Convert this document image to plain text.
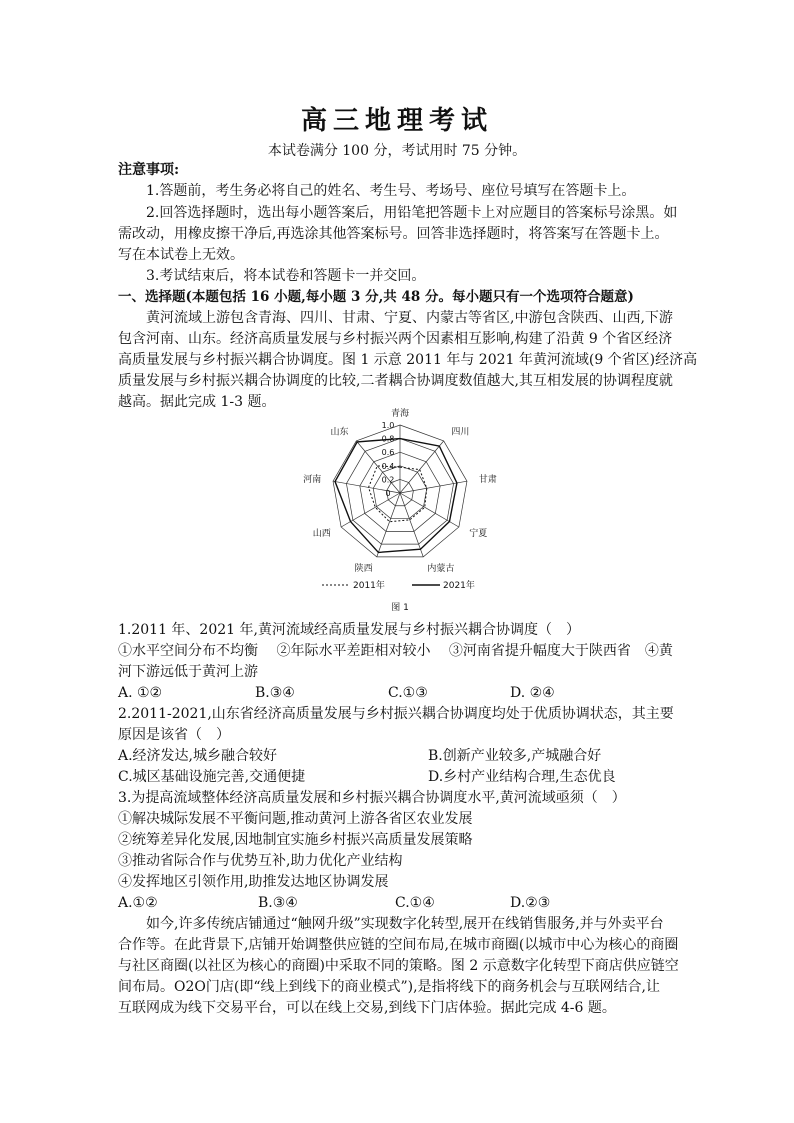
高三地理考试
本试卷满分 100 分，考试用时 75 分钟。
注意事项:
1.答题前，考生务必将自己的姓名、考生号、考场号、座位号填写在答题卡上。
2.回答选择题时，选出每小题答案后，用铅笔把答题卡上对应题目的答案标号涂黑。如
需改动，用橡皮擦干净后,再选涂其他答案标号。回答非选择题时，将答案写在答题卡上。
写在本试卷上无效。
3.考试结束后，将本试卷和答题卡一并交回。
一、选择题(本题包括 16 小题,每小题 3 分,共 48 分。每小题只有一个选项符合题意)
黄河流域上游包含青海、四川、甘肃、宁夏、内蒙古等省区,中游包含陕西、山西,下游
包含河南、山东。经济高质量发展与乡村振兴两个因素相互影响,构建了沿黄 9 个省区经济
高质量发展与乡村振兴耦合协调度。图 1 示意 2011 年与 2021 年黄河流域(9 个省区)经济高
质量发展与乡村振兴耦合协调度的比较,二者耦合协调度数值越大,其互相发展的协调程度就
越高。据此完成 1-3 题。
0
0.2
0.4
0.6
0.8
1.0
青海
四川
甘肃
宁夏
内蒙古
陕西
山西
河南
山东
2011年	2021年
图 1
1.2011 年、2021 年,黄河流域经高质量发展与乡村振兴耦合协调度（　）
①水平空间分布不均衡　 ②年际水平差距相对较小　 ③河南省提升幅度大于陕西省　④黄
河下游远低于黄河上游
A. ①②	B.③④	C.①③	D. ②④
2.2011-2021,山东省经济高质量发展与乡村振兴耦合协调度均处于优质协调状态，其主要
原因是该省（　）
A.经济发达,城乡融合较好	B.创新产业较多,产城融合好
C.城区基础设施完善,交通便捷	D.乡村产业结构合理,生态优良
3.为提高流域整体经济高质量发展和乡村振兴耦合协调度水平,黄河流域亟须（　）
①解决城际发展不平衡问题,推动黄河上游各省区农业发展
②统筹差异化发展,因地制宜实施乡村振兴高质量发展策略
③推动省际合作与优势互补,助力优化产业结构
④发挥地区引领作用,助推发达地区协调发展
A.①②	B.③④	C.①④	D.②③
如今,许多传统店铺通过“触网升级”实现数字化转型,展开在线销售服务,并与外卖平台
合作等。在此背景下,店铺开始调整供应链的空间布局,在城市商圈(以城市中心为核心的商圈
与社区商圈(以社区为核心的商圈)中采取不同的策略。图 2 示意数字化转型下商店供应链空
间布局。O2O门店(即“线上到线下的商业模式”),是指将线下的商务机会与互联网结合,让
互联网成为线下交易平台，可以在线上交易,到线下门店体验。据此完成 4-6 题。
